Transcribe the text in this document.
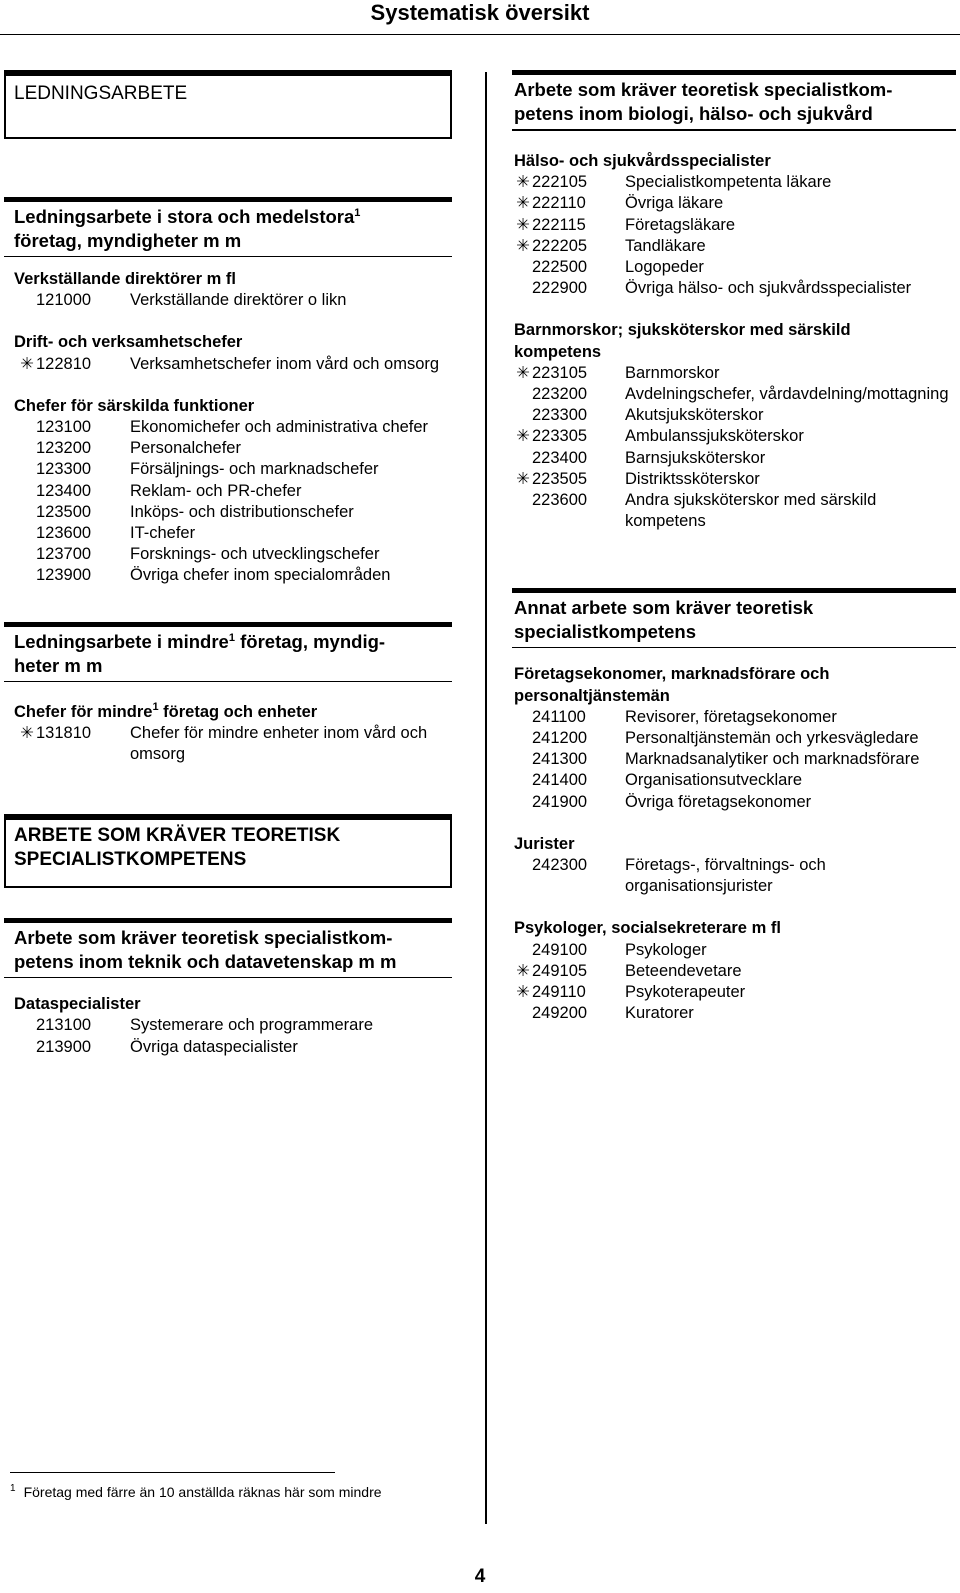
Systematisk översikt
LEDNINGSARBETE
Ledningsarbete i stora och medelstora$^1$
företag, myndigheter m m
Verkställande direktörer m fl
121000	Verkställande direktörer o likn
Drift- och verksamhetschefer
✳ 122810	Verksamhetschefer inom vård och omsorg
Chefer för särskilda funktioner
123100	Ekonomichefer och administrativa chefer
123200	Personalchefer
123300	Försäljnings- och marknadschefer
123400	Reklam- och PR-chefer
123500	Inköps- och distributionschefer
123600	IT-chefer
123700	Forsknings- och utvecklingschefer
123900	Övriga chefer inom specialområden
Ledningsarbete i mindre$^1$ företag, myndig-
heter m m
Chefer för mindre$^1$ företag och enheter
✳ 131810	Chefer för mindre enheter inom vård och omsorg
ARBETE SOM KRÄVER TEORETISK
SPECIALISTKOMPETENS
Arbete som kräver teoretisk specialistkom-
petens inom teknik och datavetenskap m m
Dataspecialister
213100	Systemerare och programmerare
213900	Övriga dataspecialister
Arbete som kräver teoretisk specialistkom-
petens inom biologi, hälso- och sjukvård
Hälso- och sjukvårdsspecialister
✳ 222105	Specialistkompetenta läkare
✳ 222110	Övriga läkare
✳ 222115	Företagsläkare
✳ 222205	Tandläkare
222500	Logopeder
222900	Övriga hälso- och sjukvårdsspecialister
Barnmorskor; sjuksköterskor med särskild
kompetens
✳ 223105	Barnmorskor
223200	Avdelningschefer, vårdavdelning/mottagning
223300	Akutsjuksköterskor
✳ 223305	Ambulanssjuksköterskor
223400	Barnsjuksköterskor
✳ 223505	Distriktssköterskor
223600	Andra sjuksköterskor med särskild kompetens
Annat arbete som kräver teoretisk
specialistkompetens
Företagsekonomer, marknadsförare och
personaltjänstemän
241100	Revisorer, företagsekonomer
241200	Personaltjänstemän och yrkesvägledare
241300	Marknadsanalytiker och marknadsförare
241400	Organisationsutvecklare
241900	Övriga företagsekonomer
Jurister
242300	Företags-, förvaltnings- och organisationsjurister
Psykologer, socialsekreterare m fl
249100	Psykologer
✳ 249105	Beteendevetare
✳ 249110	Psykoterapeuter
249200	Kuratorer
$^1$ Företag med färre än 10 anställda räknas här som mindre
4
